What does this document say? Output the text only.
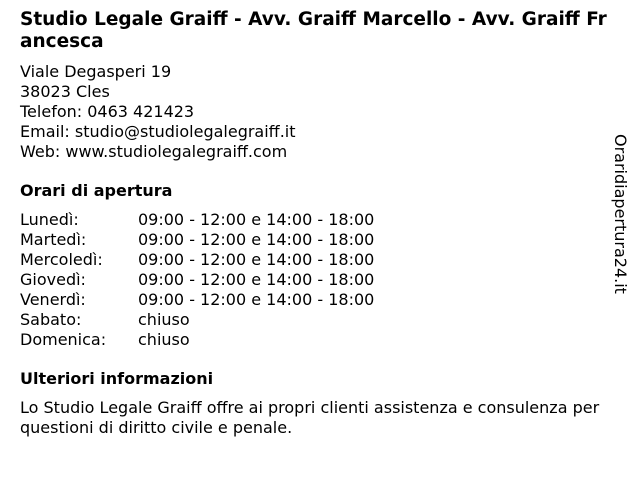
Studio Legale Graiff - Avv. Graiff Marcello - Avv. Graiff Francesca
Viale Degasperi 19
38023 Cles
Telefon: 0463 421423
Email: studio@studiolegalegraiff.it
Web: www.studiolegalegraiff.com
Orari di apertura
Lunedì:	09:00 - 12:00 e 14:00 - 18:00
Martedì:	09:00 - 12:00 e 14:00 - 18:00
Mercoledì:	09:00 - 12:00 e 14:00 - 18:00
Giovedì:	09:00 - 12:00 e 14:00 - 18:00
Venerdì:	09:00 - 12:00 e 14:00 - 18:00
Sabato:	chiuso
Domenica:	chiuso
Ulteriori informazioni
Lo Studio Legale Graiff offre ai propri clienti assistenza e consulenza per questioni di diritto civile e penale.
Oraridiapertura24.it
